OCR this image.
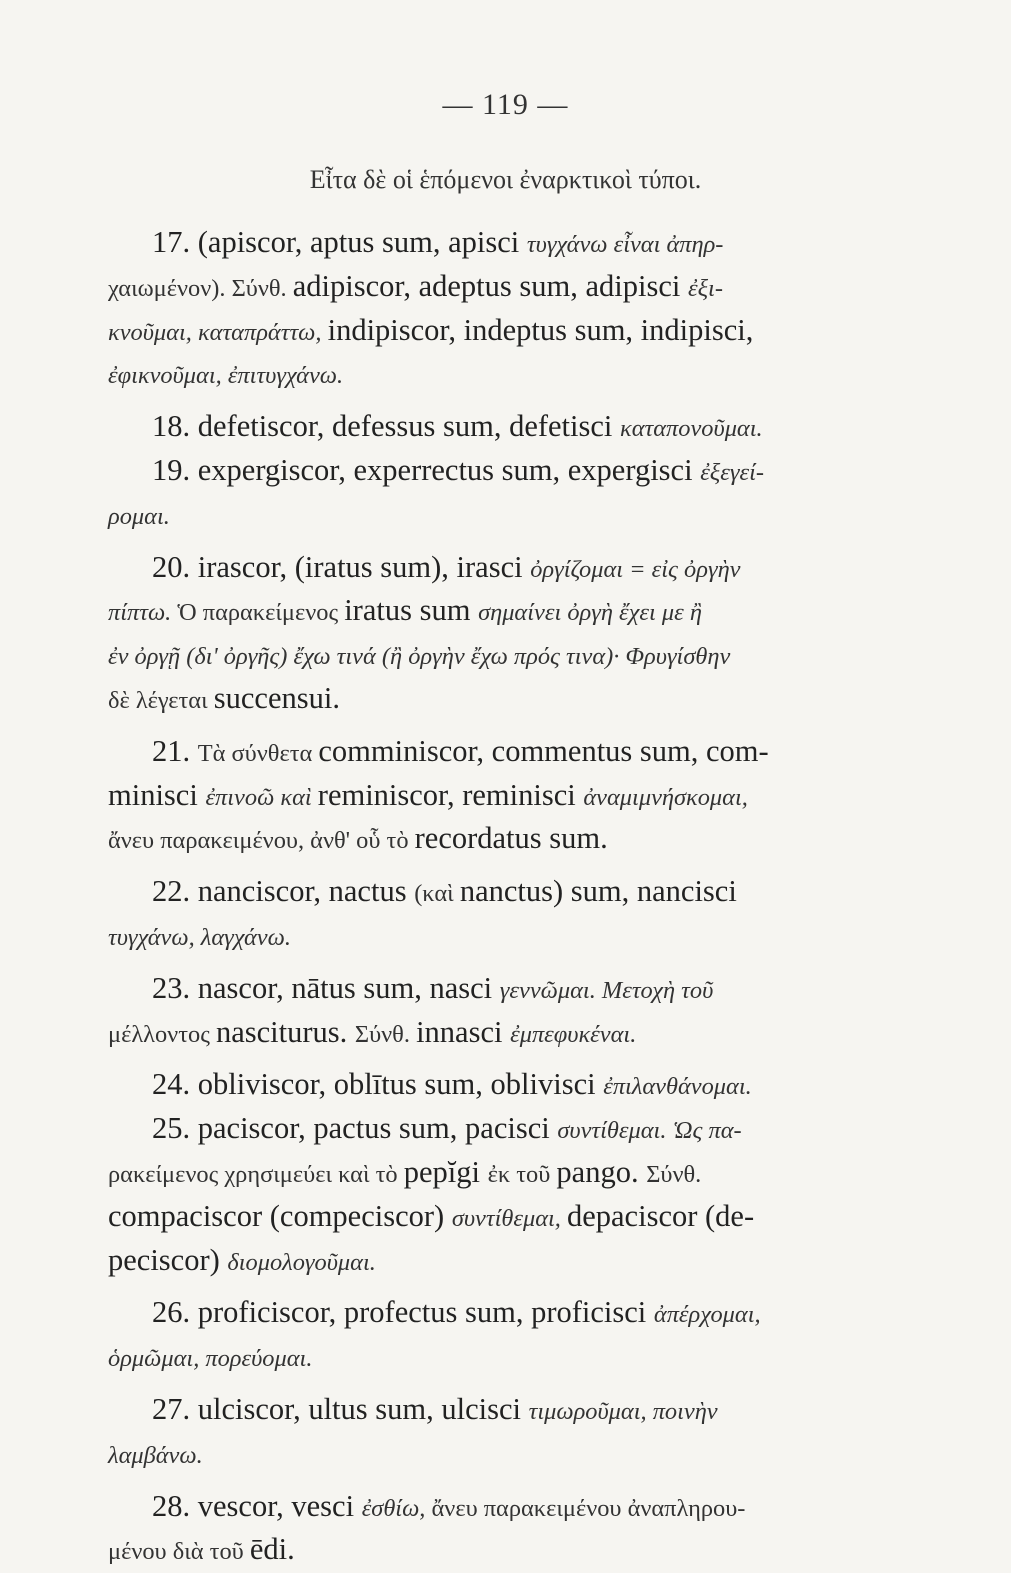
— 119 —
Εἶτα δὲ οἱ ἑπόμενοι ἐναρκτικοὶ τύποι.

17. (apiscor, aptus sum, apisci τυγχάνω εἶναι ἀπηρ-

χαιωμένον). Σύνθ. adipiscor, adeptus sum, adipisci ἐξι-

κνοῦμαι, καταπράττω, indipiscor, indeptus sum, indipisci,

ἐφικνοῦμαι, ἐπιτυγχάνω.

18. defetiscor, defessus sum, defetisci καταπονοῦμαι.

19. expergiscor, experrectus sum, expergisci ἐξεγεί-

ρομαι.

20. irascor, (iratus sum), irasci ὀργίζομαι = εἰς ὀργὴν

πίπτω. Ὁ παρακείμενος iratus sum σημαίνει ὀργὴ ἔχει με ἢ

ἐν ὀργῇ (δι' ὀργῆς) ἔχω τινά (ἢ ὀργὴν ἔχω πρός τινα)· Φρυγίσθην

δὲ λέγεται succensui.

21. Τὰ σύνθετα comminiscor, commentus sum, com-

minisci ἐπινοῶ καὶ reminiscor, reminisci ἀναμιμνήσκομαι,

ἄνευ παρακειμένου, ἀνθ' οὗ τὸ recordatus sum.

22. nanciscor, nactus (καὶ nanctus) sum, nancisci

τυγχάνω, λαγχάνω.

23. nascor, nātus sum, nasci γεννῶμαι. Μετοχὴ τοῦ

μέλλοντος nasciturus. Σύνθ. innasci ἐμπεφυκέναι.

24. obliviscor, oblītus sum, oblivisci ἐπιλανθάνομαι.

25. paciscor, pactus sum, pacisci συντίθεμαι. Ὡς πα-

ρακείμενος χρησιμεύει καὶ τὸ pepĭgi ἐκ τοῦ pango. Σύνθ.

compaciscor (compeciscor) συντίθεμαι, depaciscor (de-

peciscor) διομολογοῦμαι.

26. proficiscor, profectus sum, proficisci ἀπέρχομαι,

ὁρμῶμαι, πορεύομαι.

27. ulciscor, ultus sum, ulcisci τιμωροῦμαι, ποινὴν

λαμβάνω.

28. vescor, vesci ἐσθίω, ἄνευ παρακειμένου ἀναπληρου-

μένου διὰ τοῦ ēdi.
